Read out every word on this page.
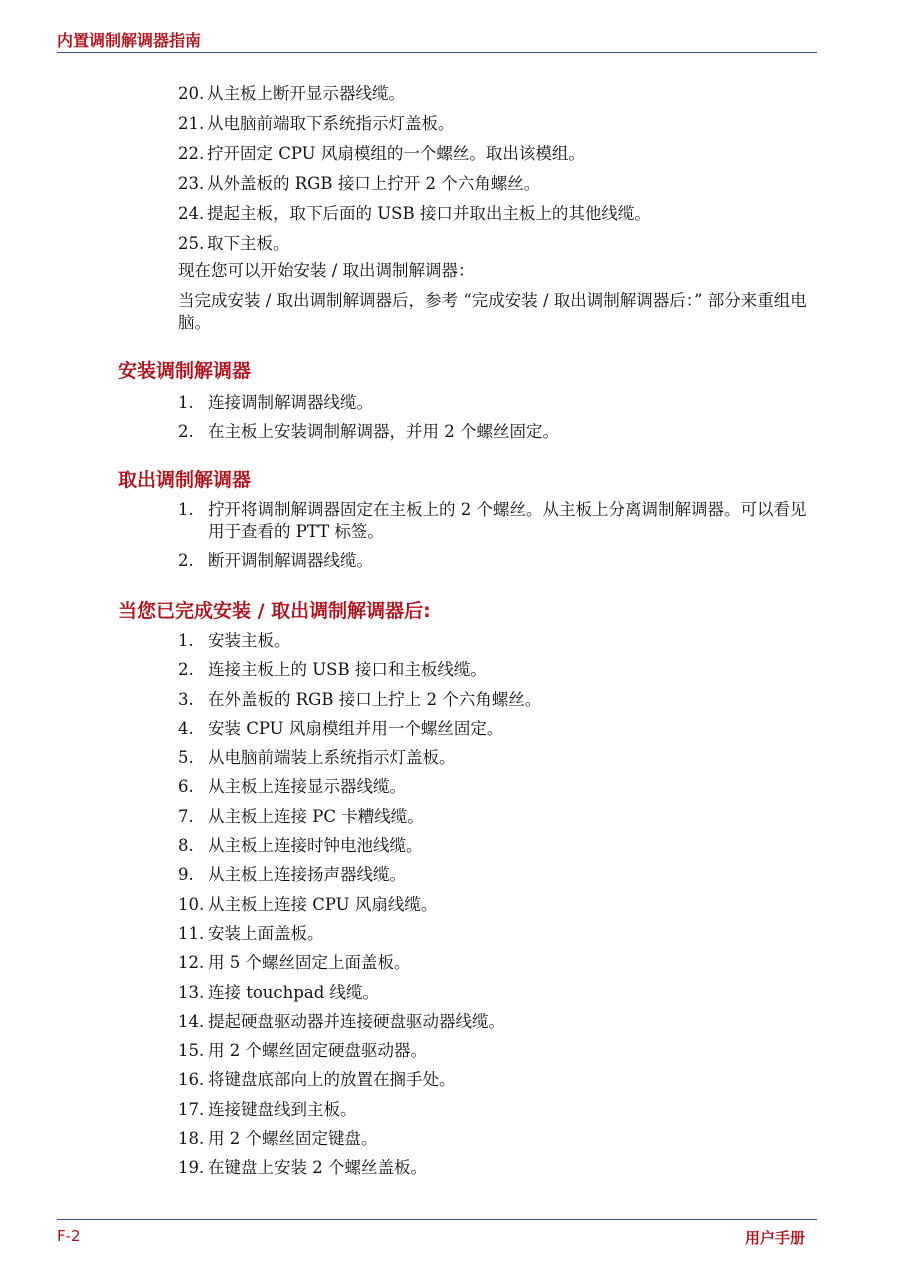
内置调制解调器指南
20. 从主板上断开显示器线缆。
21. 从电脑前端取下系统指示灯盖板。
22. 拧开固定 CPU 风扇模组的一个螺丝。取出该模组。
23. 从外盖板的 RGB 接口上拧开 2 个六角螺丝。
24. 提起主板，取下后面的 USB 接口并取出主板上的其他线缆。
25. 取下主板。

现在您可以开始安装 / 取出调制解调器：

当完成安装 / 取出调制解调器后，参考 “完成安装 / 取出调制解调器后：” 部分来重组电脑。

安装调制解调器
1. 连接调制解调器线缆。
2. 在主板上安装调制解调器，并用 2 个螺丝固定。
取出调制解调器
1. 拧开将调制解调器固定在主板上的 2 个螺丝。从主板上分离调制解调器。可以看见用于查看的 PTT 标签。
2. 断开调制解调器线缆。
当您已完成安装 / 取出调制解调器后:
1. 安装主板。
2. 连接主板上的 USB 接口和主板线缆。
3. 在外盖板的 RGB 接口上拧上 2 个六角螺丝。
4. 安装 CPU 风扇模组并用一个螺丝固定。
5. 从电脑前端装上系统指示灯盖板。
6. 从主板上连接显示器线缆。
7. 从主板上连接 PC 卡糟线缆。
8. 从主板上连接时钟电池线缆。
9. 从主板上连接扬声器线缆。
10. 从主板上连接 CPU 风扇线缆。
11. 安装上面盖板。
12. 用 5 个螺丝固定上面盖板。
13. 连接 touchpad 线缆。
14. 提起硬盘驱动器并连接硬盘驱动器线缆。
15. 用 2 个螺丝固定硬盘驱动器。
16. 将键盘底部向上的放置在搁手处。
17. 连接键盘线到主板。
18. 用 2 个螺丝固定键盘。
19. 在键盘上安装 2 个螺丝盖板。

F-2	用户手册
